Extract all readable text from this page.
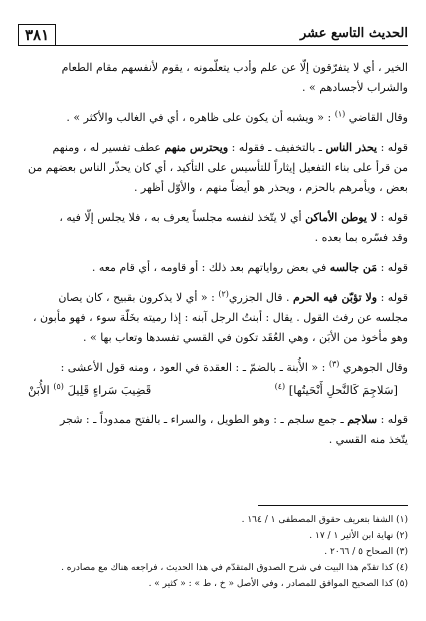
الحديث التاسع عشر
٣٨١

الخير ، أي لا يتفرّقون إلّا عن علم وأدب يتعلّمونه ، يقوم لأنفسهم مقام الطعام
والشراب لأجسادهم » .

وقال القاضي $^{(١)}$ : « ويشبه أن يكون على ظاهره ، أي في الغالب والأكثر » .

قوله : يحذر الناس ـ بالتخفيف ـ فقوله : ويحترس منهم عطف تفسير له ، ومنهم
من قرأ على بناء التفعيل إيثاراً للتأسيس على التأكيد ، أي كان يحذّر الناس بعضهم من
بعض ، ويأمرهم بالحزم ، ويحذر هو أيضاً منهم ، والأوّل أظهر .

قوله : لا يوطن الأماكن أي لا يتّخذ لنفسه مجلساً يعرف به ، فلا يجلس إلّا فيه ،
وقد فسّره بما بعده .

قوله : مَن جالسه في بعض رواياتهم بعد ذلك : أو قاومه ، أي قام معه .

قوله : ولا تؤبّن فيه الحرم . قال الجزري$^{(٢)}$ : « أي لا يذكرون بقبيح ، كان يصان
مجلسه عن رفث القول . يقال : أبنتُ الرجل آبنه : إذا رميته بخَلّة سوء ، فهو مأبون ،
وهو مأخوذ من الأبَن ، وهي العُقَد تكون في القسي تفسدها وتعاب بها » .

وقال الجوهري $^{(٣)}$ : « الأُبنة ـ بالضمّ ـ : العقدة في العود ، ومنه قول الأعشى :

[سَلاجِمَ كَالنَّحلِ أَنْحَيتُها] $^{(٤)}$
قَضِيبَ سَراءٍ قَلِيلَ $^{(٥)}$ الأُبَنْ

قوله : سلاجم ـ جمع سلجم ـ : وهو الطويل ، والسراء ـ بالفتح ممدوداً ـ : شجر
يتّخذ منه القسي .

(١) الشفا بتعريف حقوق المصطفى ١ / ١٦٤ .
(٢) نهاية ابن الأثير ١ / ١٧ .
(٣) الصحاح ٥ / ٢٠٦٦ .
(٤) كذا تقدّم هذا البيت في شرح الصدوق المتقدّم في هذا الحديث ، فراجعه هناك مع مصادره .
(٥) كذا الصحيح الموافق للمصادر ، وفي الأصل « خ ، ط » : « كثير » .
